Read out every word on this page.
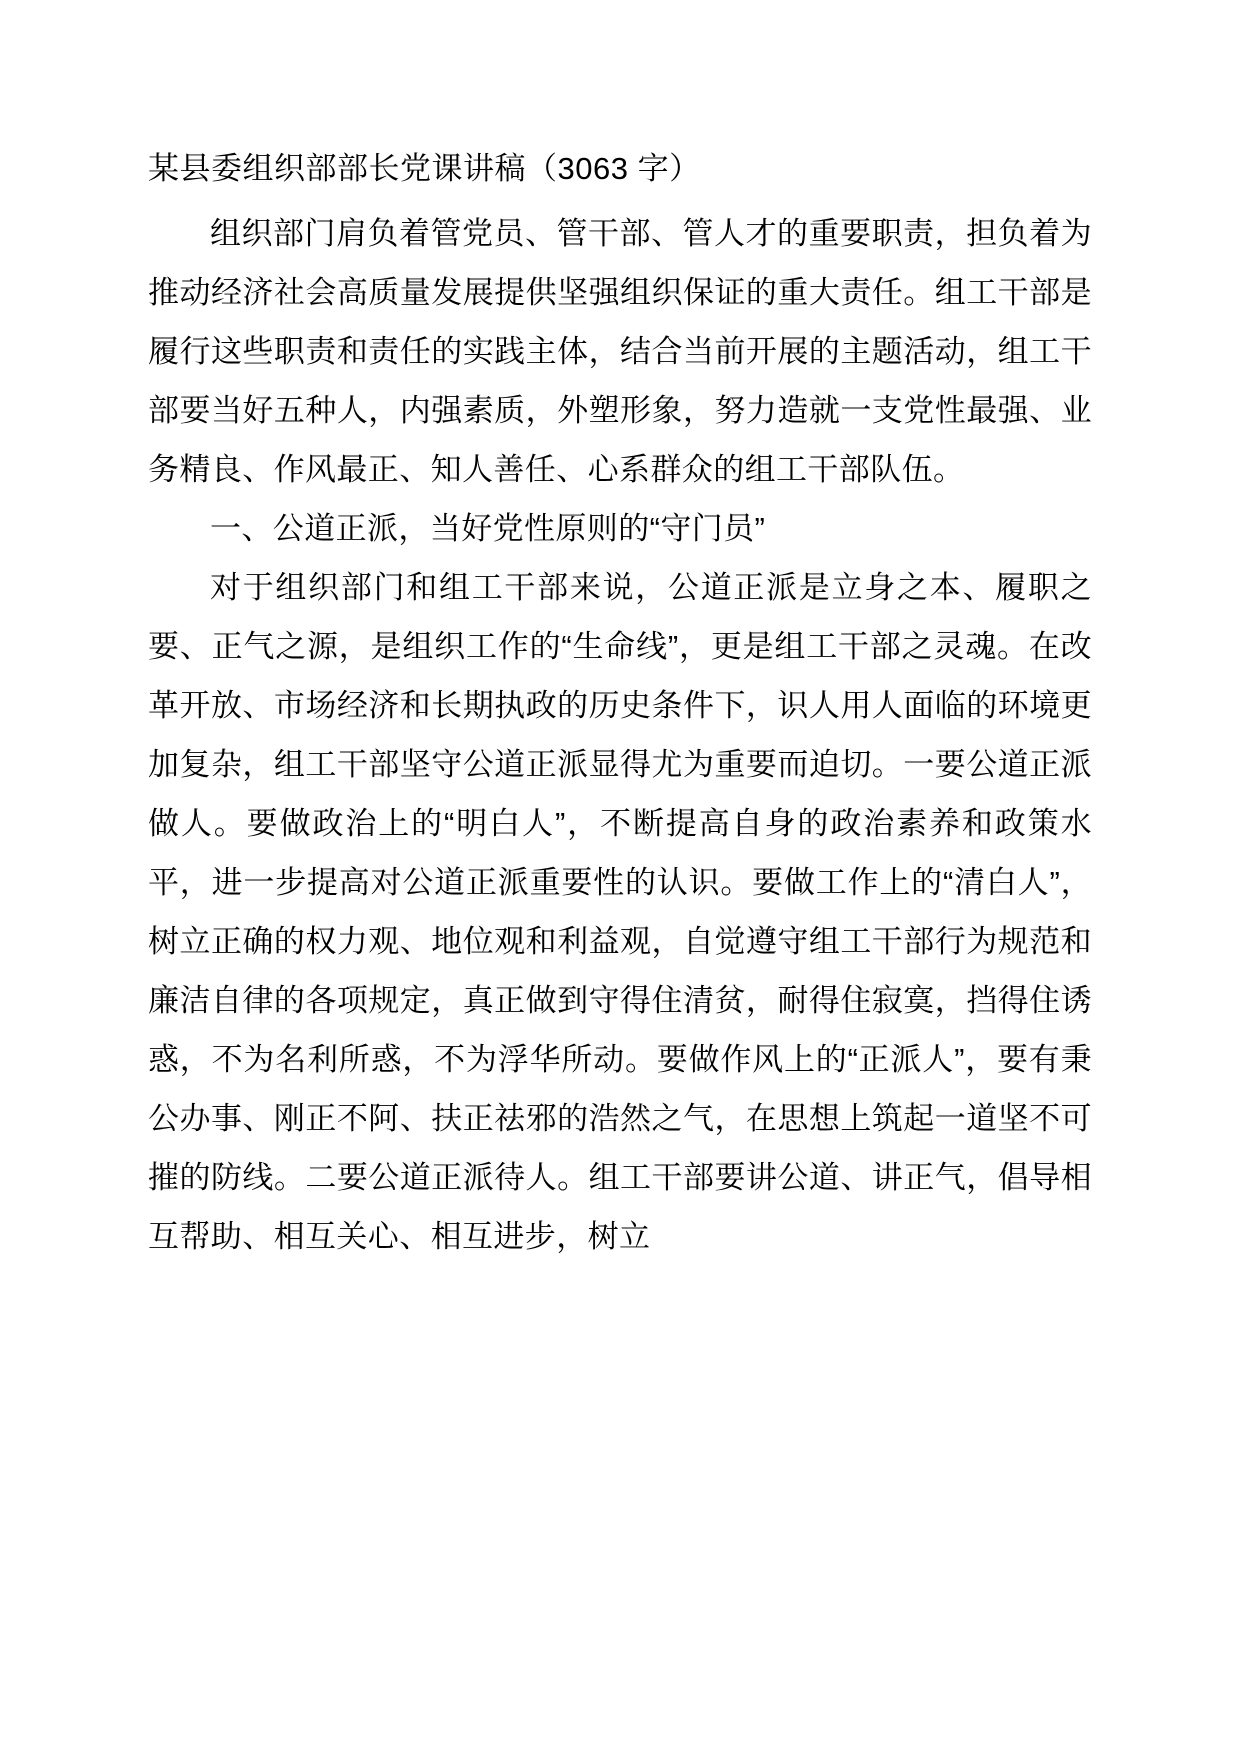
某县委组织部部长党课讲稿（3063 字）

组织部门肩负着管党员、管干部、管人才的重要职责，担负着为推动经济社会高质量发展提供坚强组织保证的重大责任。组工干部是履行这些职责和责任的实践主体，结合当前开展的主题活动，组工干部要当好五种人，内强素质，外塑形象，努力造就一支党性最强、业务精良、作风最正、知人善任、心系群众的组工干部队伍。

一、公道正派，当好党性原则的“守门员”

对于组织部门和组工干部来说，公道正派是立身之本、履职之要、正气之源，是组织工作的“生命线”，更是组工干部之灵魂。在改革开放、市场经济和长期执政的历史条件下，识人用人面临的环境更加复杂，组工干部坚守公道正派显得尤为重要而迫切。一要公道正派做人。要做政治上的“明白人”，不断提高自身的政治素养和政策水平，进一步提高对公道正派重要性的认识。要做工作上的“清白人”，树立正确的权力观、地位观和利益观，自觉遵守组工干部行为规范和廉洁自律的各项规定，真正做到守得住清贫，耐得住寂寞，挡得住诱惑，不为名利所惑，不为浮华所动。要做作风上的“正派人”，要有秉公办事、刚正不阿、扶正祛邪的浩然之气，在思想上筑起一道坚不可摧的防线。二要公道正派待人。组工干部要讲公道、讲正气，倡导相互帮助、相互关心、相互进步，树立
